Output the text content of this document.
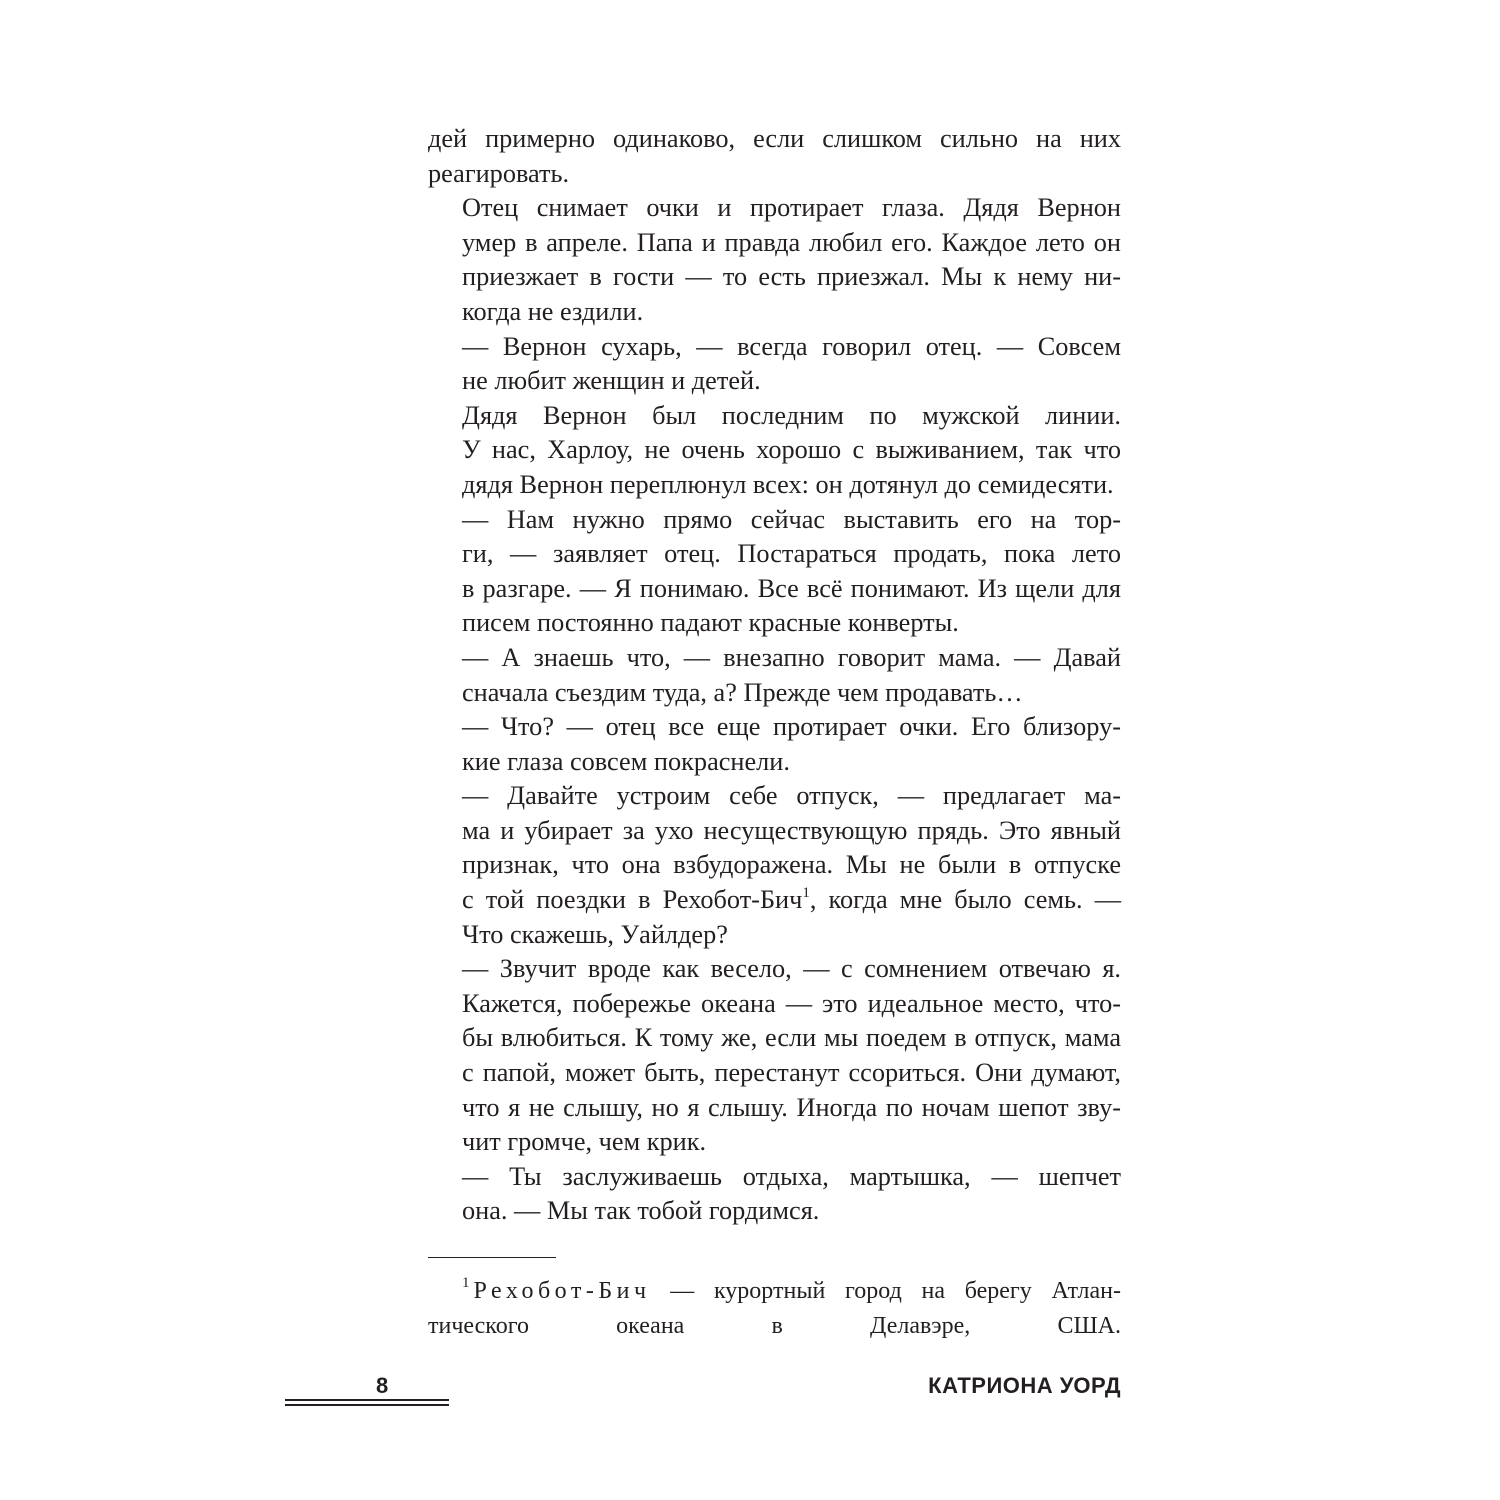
дей примерно одинаково, если слишком сильно на них
реагировать.

Отец снимает очки и протирает глаза. Дядя Вернон
умер в апреле. Папа и правда любил его. Каждое лето он
приезжает в гости — то есть приезжал. Мы к нему ни-
когда не ездили.

— Вернон сухарь, — всегда говорил отец. — Совсем
не любит женщин и детей.

Дядя Вернон был последним по мужской линии.
У нас, Харлоу, не очень хорошо с выживанием, так что
дядя Вернон переплюнул всех: он дотянул до семидесяти.

— Нам нужно прямо сейчас выставить его на тор-
ги, — заявляет отец. Постараться продать, пока лето
в разгаре. — Я понимаю. Все всё понимают. Из щели для
писем постоянно падают красные конверты.

— А знаешь что, — внезапно говорит мама. — Давай
сначала съездим туда, а? Прежде чем продавать…

— Что? — отец все еще протирает очки. Его близору-
кие глаза совсем покраснели.

— Давайте устроим себе отпуск, — предлагает ма-
ма и убирает за ухо несуществующую прядь. Это явный
признак, что она взбудоражена. Мы не были в отпуске
с той поездки в Рехобот-Бич$^1$, когда мне было семь. —
Что скажешь, Уайлдер?

— Звучит вроде как весело, — с сомнением отвечаю я.
Кажется, побережье океана — это идеальное место, что-
бы влюбиться. К тому же, если мы поедем в отпуск, мама
с папой, может быть, перестанут ссориться. Они думают,
что я не слышу, но я слышу. Иногда по ночам шепот зву-
чит громче, чем крик.

— Ты заслуживаешь отдыха, мартышка, — шепчет
она. — Мы так тобой гордимся.

$^1$ Рехобот-Бич — курортный город на берегу Атлан-
тического океана в Делавэре, США.
8	КАТРИОНА УОРД
